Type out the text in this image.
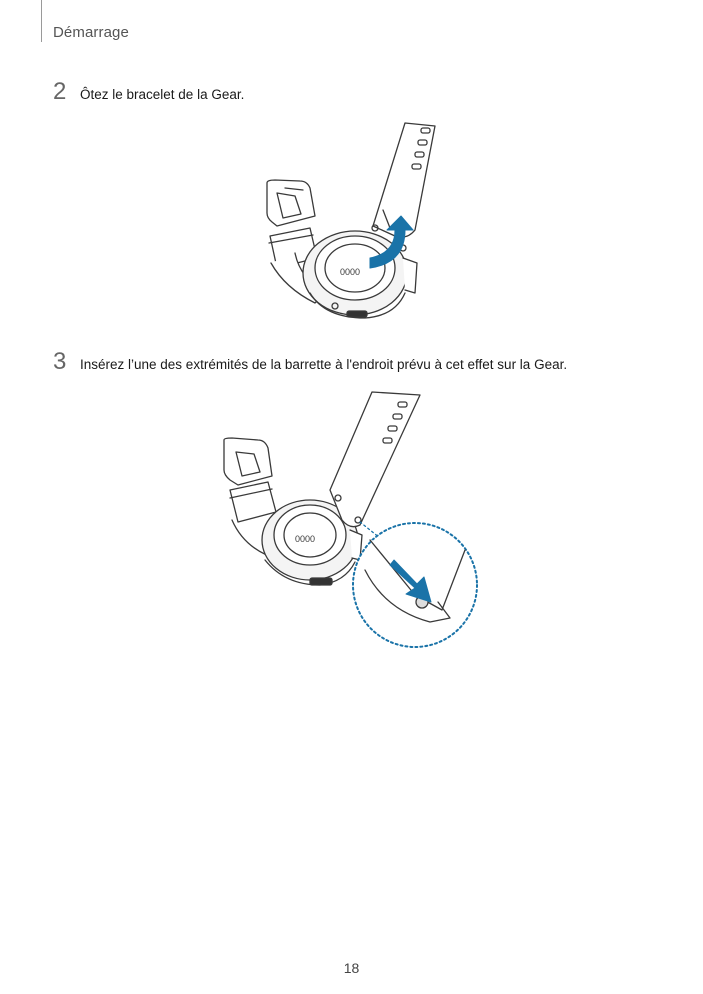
Démarrage
2	Ôtez le bracelet de la Gear.
0000
3	Insérez l’une des extrémités de la barrette à l'endroit prévu à cet effet sur la Gear.
0000
18
